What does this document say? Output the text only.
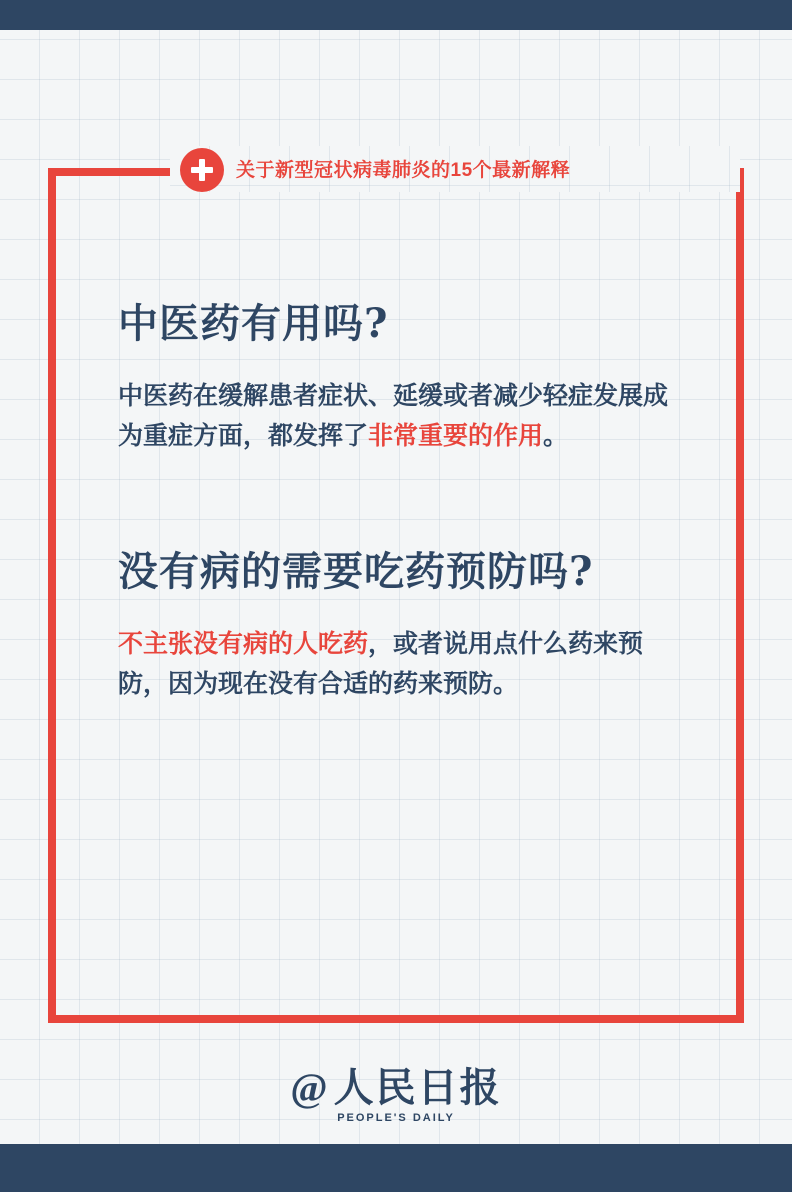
关于新型冠状病毒肺炎的15个最新解释
中医药有用吗?

中医药在缓解患者症状、延缓或者减少轻症发展成为重症方面，都发挥了非常重要的作用。

没有病的需要吃药预防吗?

不主张没有病的人吃药，或者说用点什么药来预防，因为现在没有合适的药来预防。

@ 人民日报
PEOPLE'S DAILY
